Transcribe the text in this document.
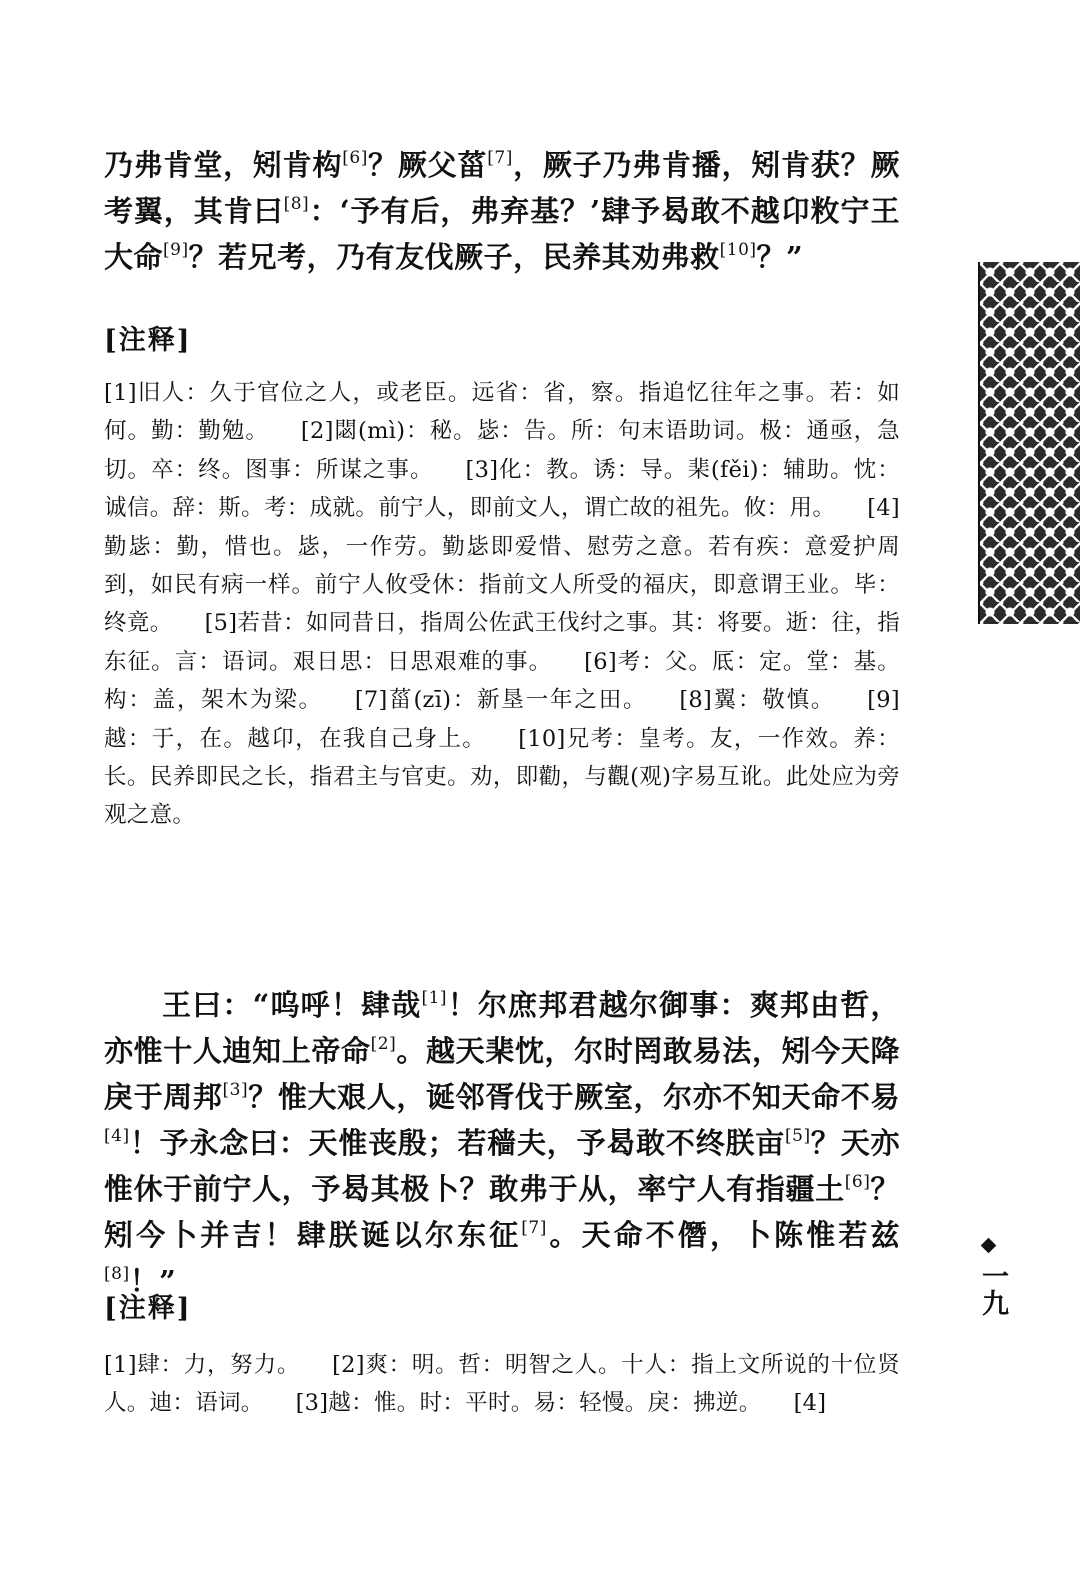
乃弗肯堂，矧肯构[6]？厥父菑[7]，厥子乃弗肯播，矧肯获？厥考翼，其肯曰[8]：‘予有后，弗弃基？’肆予曷敢不越卬敉宁王大命[9]？若兄考，乃有友伐厥子，民养其劝弗救[10]？”

[注释]
[1]旧人：久于官位之人，或老臣。远省：省，察。指追忆往年之事。若：如何。勤：勤勉。 [2]閟(mì)：秘。毖：告。所：句末语助词。极：通亟，急切。卒：终。图事：所谋之事。 [3]化：教。诱：导。棐(fěi)：辅助。忱：诚信。辞：斯。考：成就。前宁人，即前文人，谓亡故的祖先。攸：用。 [4]勤毖：勤，惜也。毖，一作劳。勤毖即爱惜、慰劳之意。若有疾：意爱护周到，如民有病一样。前宁人攸受休：指前文人所受的福庆，即意谓王业。毕：终竟。 [5]若昔：如同昔日，指周公佐武王伐纣之事。其：将要。逝：往，指东征。言：语词。艰日思：日思艰难的事。 [6]考：父。厎：定。堂：基。构：盖，架木为梁。 [7]菑(zī)：新垦一年之田。 [8]翼：敬慎。 [9]越：于，在。越卬，在我自己身上。 [10]兄考：皇考。友，一作效。养：长。民养即民之长，指君主与官吏。劝，即勸，与觀(观)字易互讹。此处应为旁观之意。

王曰：“呜呼！肆哉[1]！尔庶邦君越尔御事：爽邦由哲，亦惟十人迪知上帝命[2]。越天棐忱，尔时罔敢易法，矧今天降戾于周邦[3]？惟大艰人，诞邻胥伐于厥室，尔亦不知天命不易[4]！予永念曰：天惟丧殷；若穑夫，予曷敢不终朕亩[5]？天亦惟休于前宁人，予曷其极卜？敢弗于从，率宁人有指疆土[6]？矧今卜并吉！肆朕诞以尔东征[7]。天命不僭，卜陈惟若兹[8]！”

[注释]
[1]肆：力，努力。 [2]爽：明。哲：明智之人。十人：指上文所说的十位贤人。迪：语词。 [3]越：惟。时：平时。易：轻慢。戾：拂逆。 [4]
一九
